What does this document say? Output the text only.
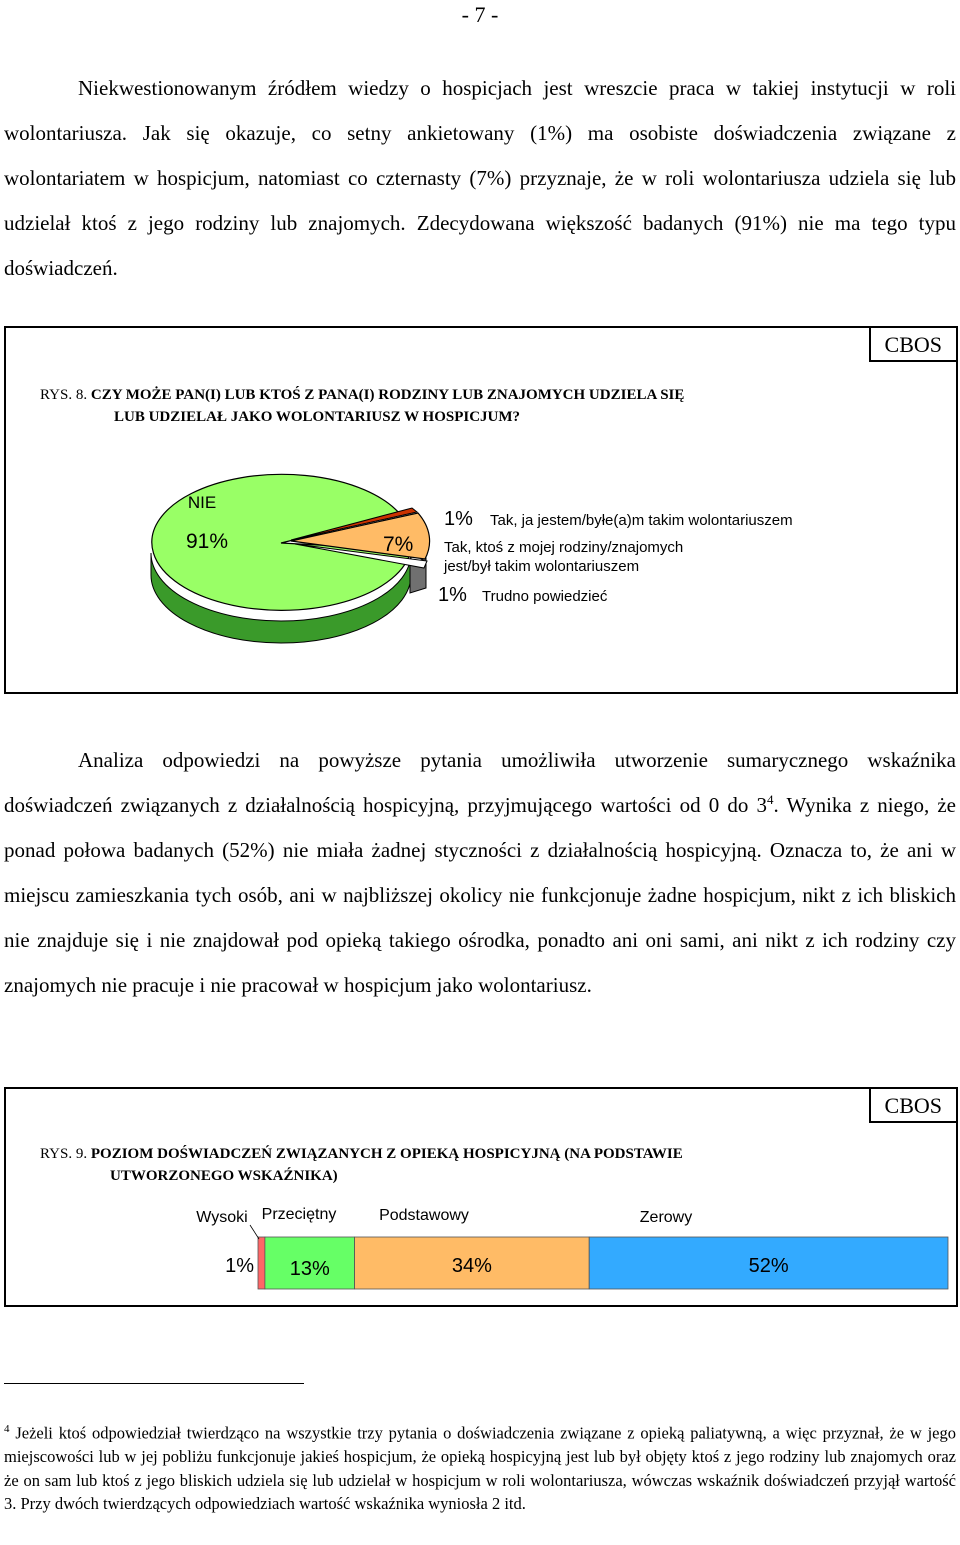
- 7 -
Niekwestionowanym źródłem wiedzy o hospicjach jest wreszcie praca w takiej instytucji w roli wolontariusza. Jak się okazuje, co setny ankietowany (1%) ma osobiste doświadczenia związane z wolontariatem w hospicjum, natomiast co czternasty (7%) przyznaje, że w roli wolontariusza udziela się lub udzielał ktoś z jego rodziny lub znajomych. Zdecydowana większość badanych (91%) nie ma tego typu doświadczeń.
CBOS
RYS. 8. CZY MOŻE PAN(I) LUB KTOŚ Z PANA(I) RODZINY LUB ZNAJOMYCH UDZIELA SIĘ
LUB UDZIELAŁ JAKO WOLONTARIUSZ W HOSPICJUM?
NIE
91%	7%
1% Tak, ja jestem/byłe(a)m takim wolontariuszem
Tak, ktoś z mojej rodziny/znajomych
jest/był takim wolontariuszem
1% Trudno powiedzieć
Analiza odpowiedzi na powyższe pytania umożliwiła utworzenie sumarycznego wskaźnika doświadczeń związanych z działalnością hospicyjną, przyjmującego wartości od 0 do $3^4$. Wynika z niego, że ponad połowa badanych (52%) nie miała żadnej styczności z działalnością hospicyjną. Oznacza to, że ani w miejscu zamieszkania tych osób, ani w najbliższej okolicy nie funkcjonuje żadne hospicjum, nikt z ich bliskich nie znajduje się i nie znajdował pod opieką takiego ośrodka, ponadto ani oni sami, ani nikt z ich rodziny czy znajomych nie pracuje i nie pracował w hospicjum jako wolontariusz.
CBOS
RYS. 9. POZIOM DOŚWIADCZEŃ ZWIĄZANYCH Z OPIEKĄ HOSPICYJNĄ (NA PODSTAWIE
UTWORZONEGO WSKAŹNIKA)
Wysoki
1%
Przeciętny
13%
Podstawowy
34%
Zerowy
52%
$^4$ Jeżeli ktoś odpowiedział twierdząco na wszystkie trzy pytania o doświadczenia związane z opieką paliatywną, a więc przyznał, że w jego miejscowości lub w jej pobliżu funkcjonuje jakieś hospicjum, że opieką hospicyjną jest lub był objęty ktoś z jego rodziny lub znajomych oraz że on sam lub ktoś z jego bliskich udziela się lub udzielał w hospicjum w roli wolontariusza, wówczas wskaźnik doświadczeń przyjął wartość 3. Przy dwóch twierdzących odpowiedziach wartość wskaźnika wyniosła 2 itd.
